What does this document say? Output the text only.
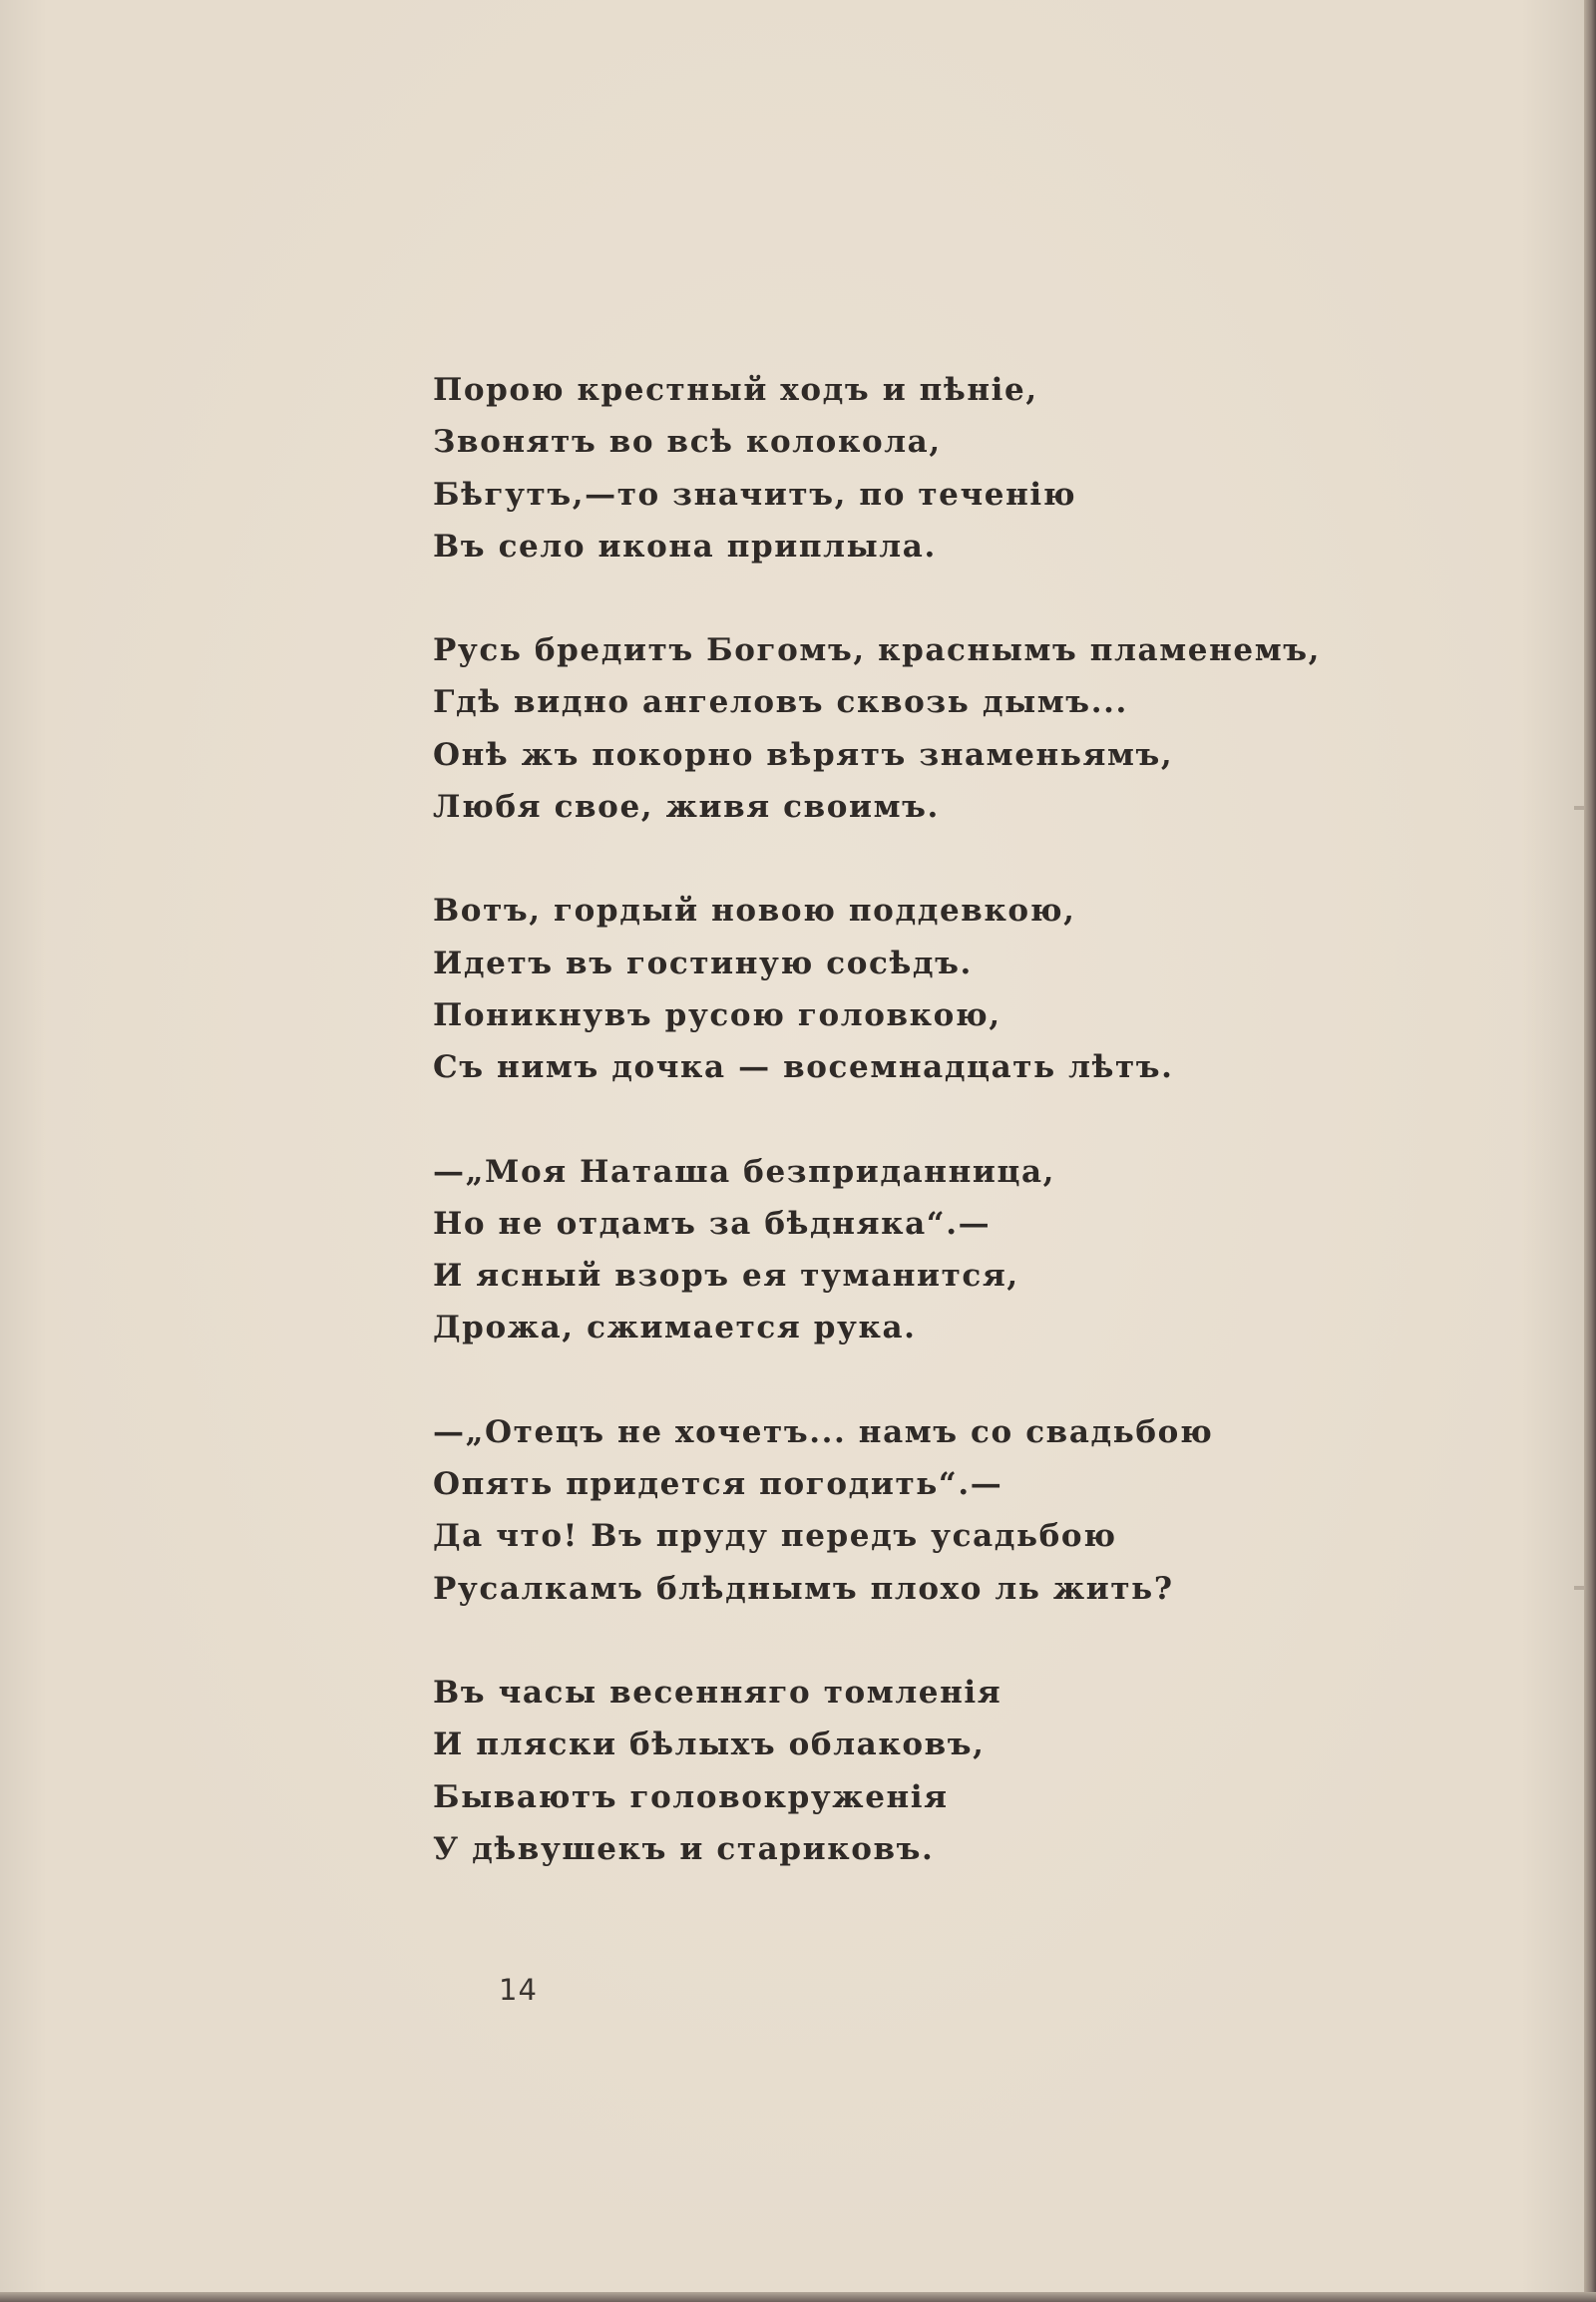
Порою крестный ходъ и пѣніе,
Звонятъ во всѣ колокола,
Бѣгутъ,—то значитъ, по теченію
Въ село икона приплыла.
Русь бредитъ Богомъ, краснымъ пламенемъ,
Гдѣ видно ангеловъ сквозь дымъ...
Онѣ жъ покорно вѣрятъ знаменьямъ,
Любя свое, живя своимъ.
Вотъ, гордый новою поддевкою,
Идетъ въ гостиную сосѣдъ.
Поникнувъ русою головкою,
Съ нимъ дочка — восемнадцать лѣтъ.
—„Моя Наташа безприданница,
Но не отдамъ за бѣдняка“.—
И ясный взоръ ея туманится,
Дрожа, сжимается рука.
—„Отецъ не хочетъ... намъ со свадьбою
Опять придется погодить“.—
Да что! Въ пруду передъ усадьбою
Русалкамъ блѣднымъ плохо ль жить?
Въ часы весенняго томленія
И пляски бѣлыхъ облаковъ,
Бываютъ головокруженія
У дѣвушекъ и стариковъ.
14
